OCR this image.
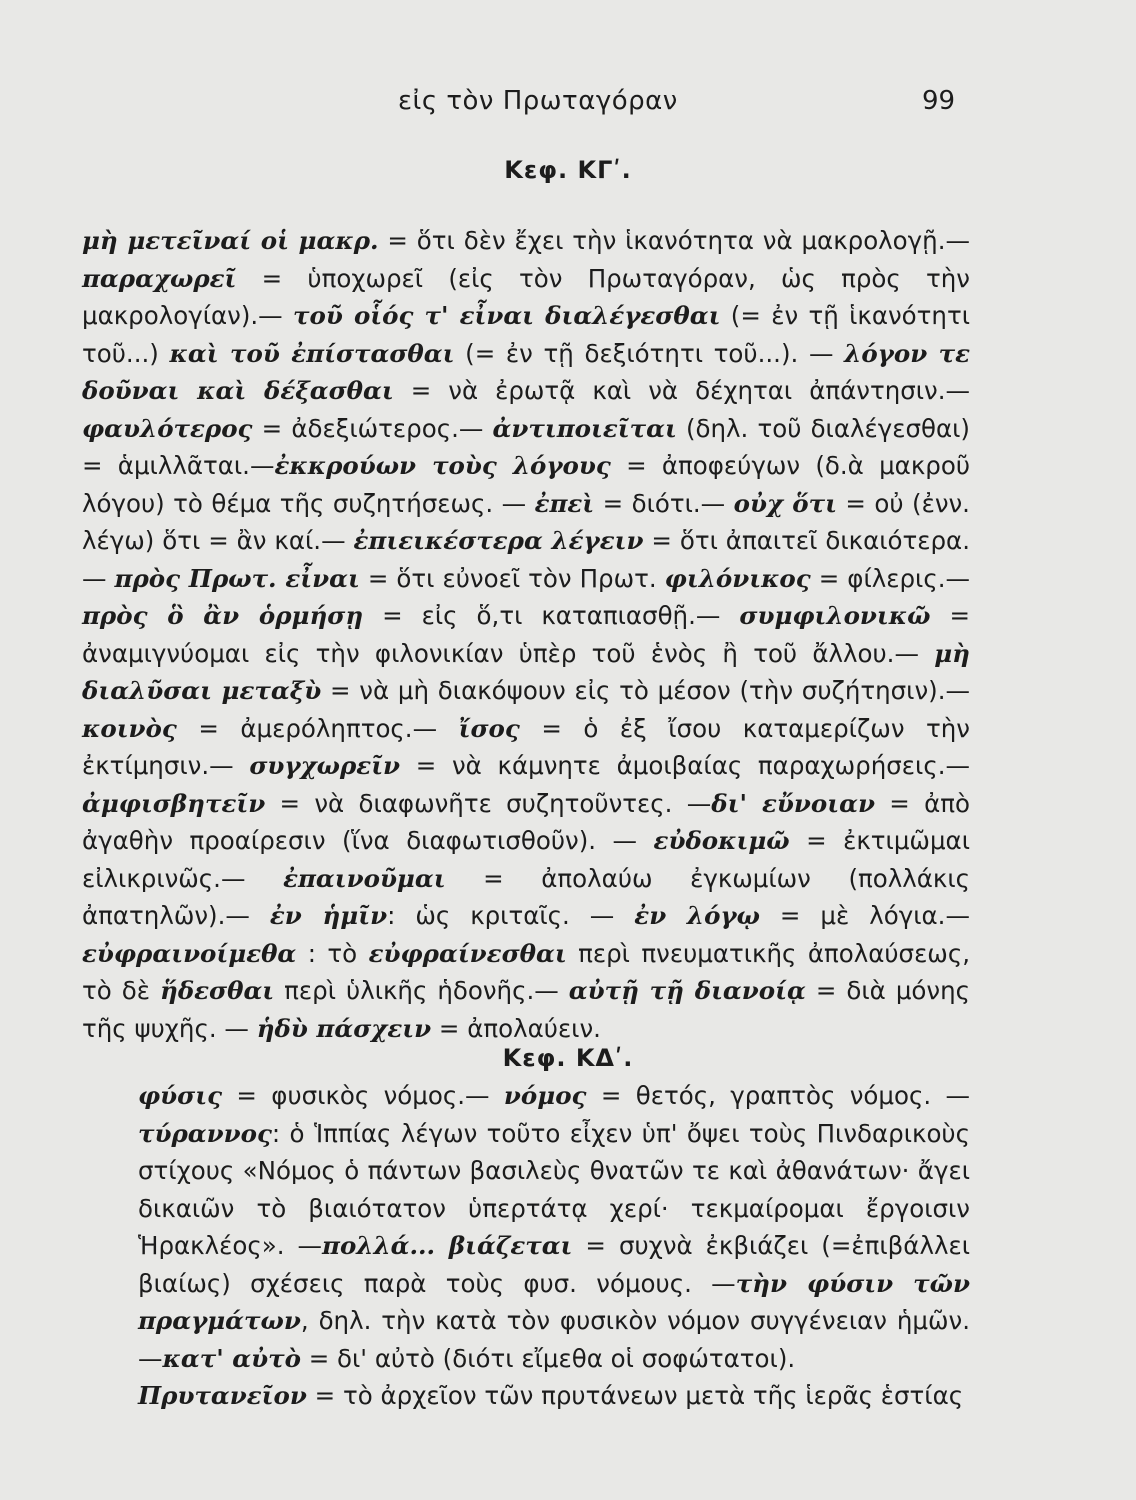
εἰς τὸν Πρωταγόραν	99
Κεφ. ΚΓʹ.
μὴ μετεῖναί οἱ μακρ. = ὅτι δὲν ἔχει τὴν ἱκανότητα νὰ μακρολογῇ.— παραχωρεῖ = ὑποχωρεῖ (εἰς τὸν Πρωταγόραν, ὡς πρὸς τὴν μακρολογίαν).— τοῦ οἷός τ' εἶναι διαλέγεσθαι (= ἐν τῇ ἱκανότητι τοῦ...) καὶ τοῦ ἐπίστασθαι (= ἐν τῇ δεξιότητι τοῦ...). — λόγον τε δοῦναι καὶ δέξασθαι = νὰ ἐρωτᾷ καὶ νὰ δέχηται ἀπάντησιν.—φαυλότερος = ἀδεξιώτερος.— ἀντιποιεῖται (δηλ. τοῦ διαλέγεσθαι) = ἁμιλλᾶται.—ἐκκρούων τοὺς λόγους = ἀποφεύγων (δ.ὰ μακροῦ λόγου) τὸ θέμα τῆς συζητήσεως. — ἐπεὶ = διότι.— οὐχ ὅτι = οὐ (ἐνν. λέγω) ὅτι = ἂν καί.— ἐπιεικέστερα λέγειν = ὅτι ἀπαιτεῖ δικαιότερα.— πρὸς Πρωτ. εἶναι = ὅτι εὐνοεῖ τὸν Πρωτ. φιλόνικος = φίλερις.— πρὸς ὃ ἂν ὁρμήσῃ = εἰς ὅ,τι καταπιασθῇ.— συμφιλονικῶ = ἀναμιγνύομαι εἰς τὴν φιλονικίαν ὑπὲρ τοῦ ἑνὸς ἢ τοῦ ἄλλου.— μὴ διαλῦσαι μεταξὺ = νὰ μὴ διακόψουν εἰς τὸ μέσον (τὴν συζήτησιν).— κοινὸς = ἀμερόληπτος.— ἴσος = ὁ ἐξ ἴσου καταμερίζων τὴν ἐκτίμησιν.— συγχωρεῖν = νὰ κάμνητε ἀμοιβαίας παραχωρήσεις.—ἀμφισβητεῖν = νὰ διαφωνῆτε συζητοῦντες. —δι' εὔνοιαν = ἀπὸ ἀγαθὴν προαίρεσιν (ἵνα διαφωτισθοῦν). — εὐδοκιμῶ = ἐκτιμῶμαι εἰλικρινῶς.— ἐπαινοῦμαι = ἀπολαύω ἐγκωμίων (πολλάκις ἀπατηλῶν).— ἐν ἡμῖν: ὡς κριταῖς. — ἐν λόγῳ = μὲ λόγια.— εὐφραινοίμεθα : τὸ εὐφραίνεσθαι περὶ πνευματικῆς ἀπολαύσεως, τὸ δὲ ἥδεσθαι περὶ ὑλικῆς ἡδονῆς.— αὐτῇ τῇ διανοίᾳ = διὰ μόνης τῆς ψυχῆς. — ἡδὺ πάσχειν = ἀπολαύειν.
Κεφ. ΚΔʹ.
φύσις = φυσικὸς νόμος.— νόμος = θετός, γραπτὸς νόμος. — τύραννος: ὁ Ἱππίας λέγων τοῦτο εἶχεν ὑπ' ὄψει τοὺς Πινδαρικοὺς στίχους «Νόμος ὁ πάντων βασιλεὺς θνατῶν τε καὶ ἀθανάτων· ἄγει δικαιῶν τὸ βιαιότατον ὑπερτάτᾳ χερί· τεκμαίρομαι ἔργοισιν Ἡρακλέος». —πολλά... βιάζεται = συχνὰ ἐκβιάζει (=ἐπιβάλλει βιαίως) σχέσεις παρὰ τοὺς φυσ. νόμους. —τὴν φύσιν τῶν πραγμάτων, δηλ. τὴν κατὰ τὸν φυσικὸν νόμον συγγένειαν ἡμῶν. —κατ' αὐτὸ = δι' αὐτὸ (διότι εἴμεθα οἱ σοφώτατοι).
Πρυτανεῖον = τὸ ἀρχεῖον τῶν πρυτάνεων μετὰ τῆς ἱερᾶς ἑστίας
